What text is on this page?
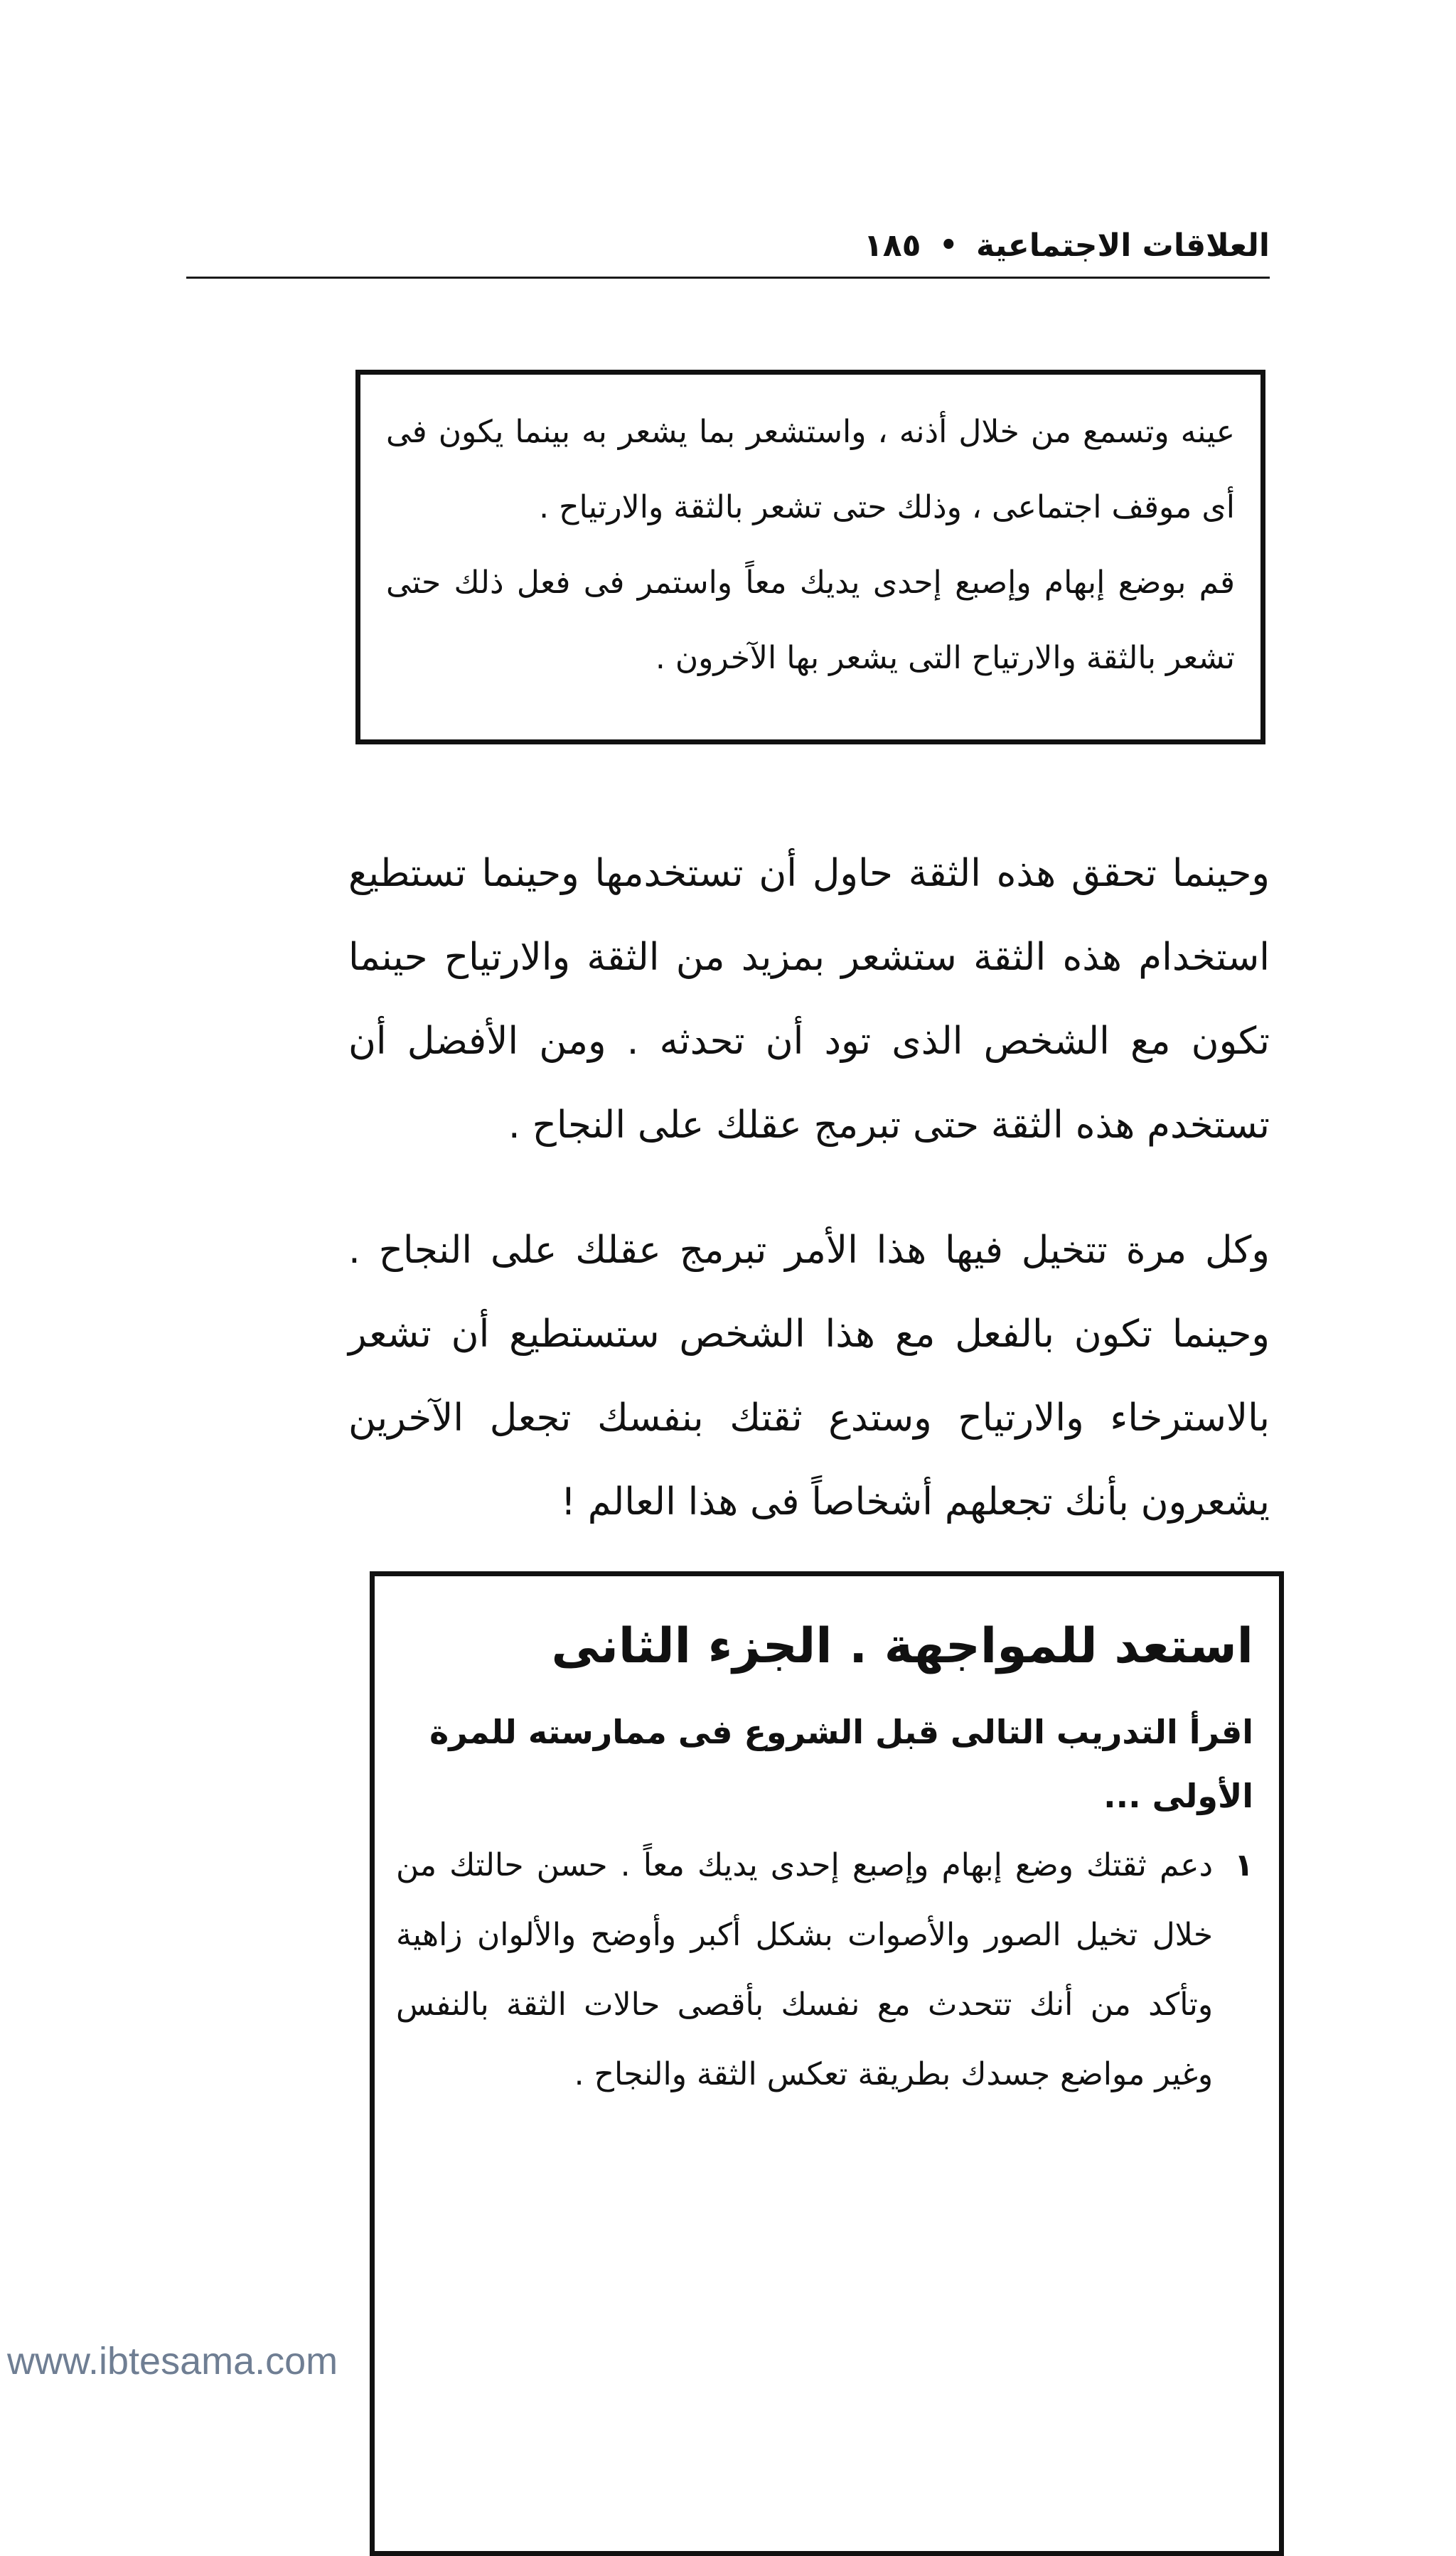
العلاقات الاجتماعية
•
١٨٥

عينه وتسمع من خلال أذنه ، واستشعر بما يشعر به بينما يكون فى أى موقف اجتماعى ، وذلك حتى تشعر بالثقة والارتياح .

قم بوضع إبهام وإصبع إحدى يديك معاً واستمر فى فعل ذلك حتى تشعر بالثقة والارتياح التى يشعر بها الآخرون .

وحينما تحقق هذه الثقة حاول أن تستخدمها وحينما تستطيع استخدام هذه الثقة ستشعر بمزيد من الثقة والارتياح حينما تكون مع الشخص الذى تود أن تحدثه . ومن الأفضل أن تستخدم هذه الثقة حتى تبرمج عقلك على النجاح .

وكل مرة تتخيل فيها هذا الأمر تبرمج عقلك على النجاح . وحينما تكون بالفعل مع هذا الشخص ستستطيع أن تشعر بالاسترخاء والارتياح وستدع ثقتك بنفسك تجعل الآخرين يشعرون بأنك تجعلهم أشخاصاً فى هذا العالم !

استعد للمواجهة . الجزء الثانى

اقرأ التدريب التالى قبل الشروع فى ممارسته للمرة الأولى ...

١
دعم ثقتك وضع إبهام وإصبع إحدى يديك معاً . حسن حالتك من خلال تخيل الصور والأصوات بشكل أكبر وأوضح والألوان زاهية وتأكد من أنك تتحدث مع نفسك بأقصى حالات الثقة بالنفس وغير مواضع جسدك بطريقة تعكس الثقة والنجاح .
www.ibtesama.com
